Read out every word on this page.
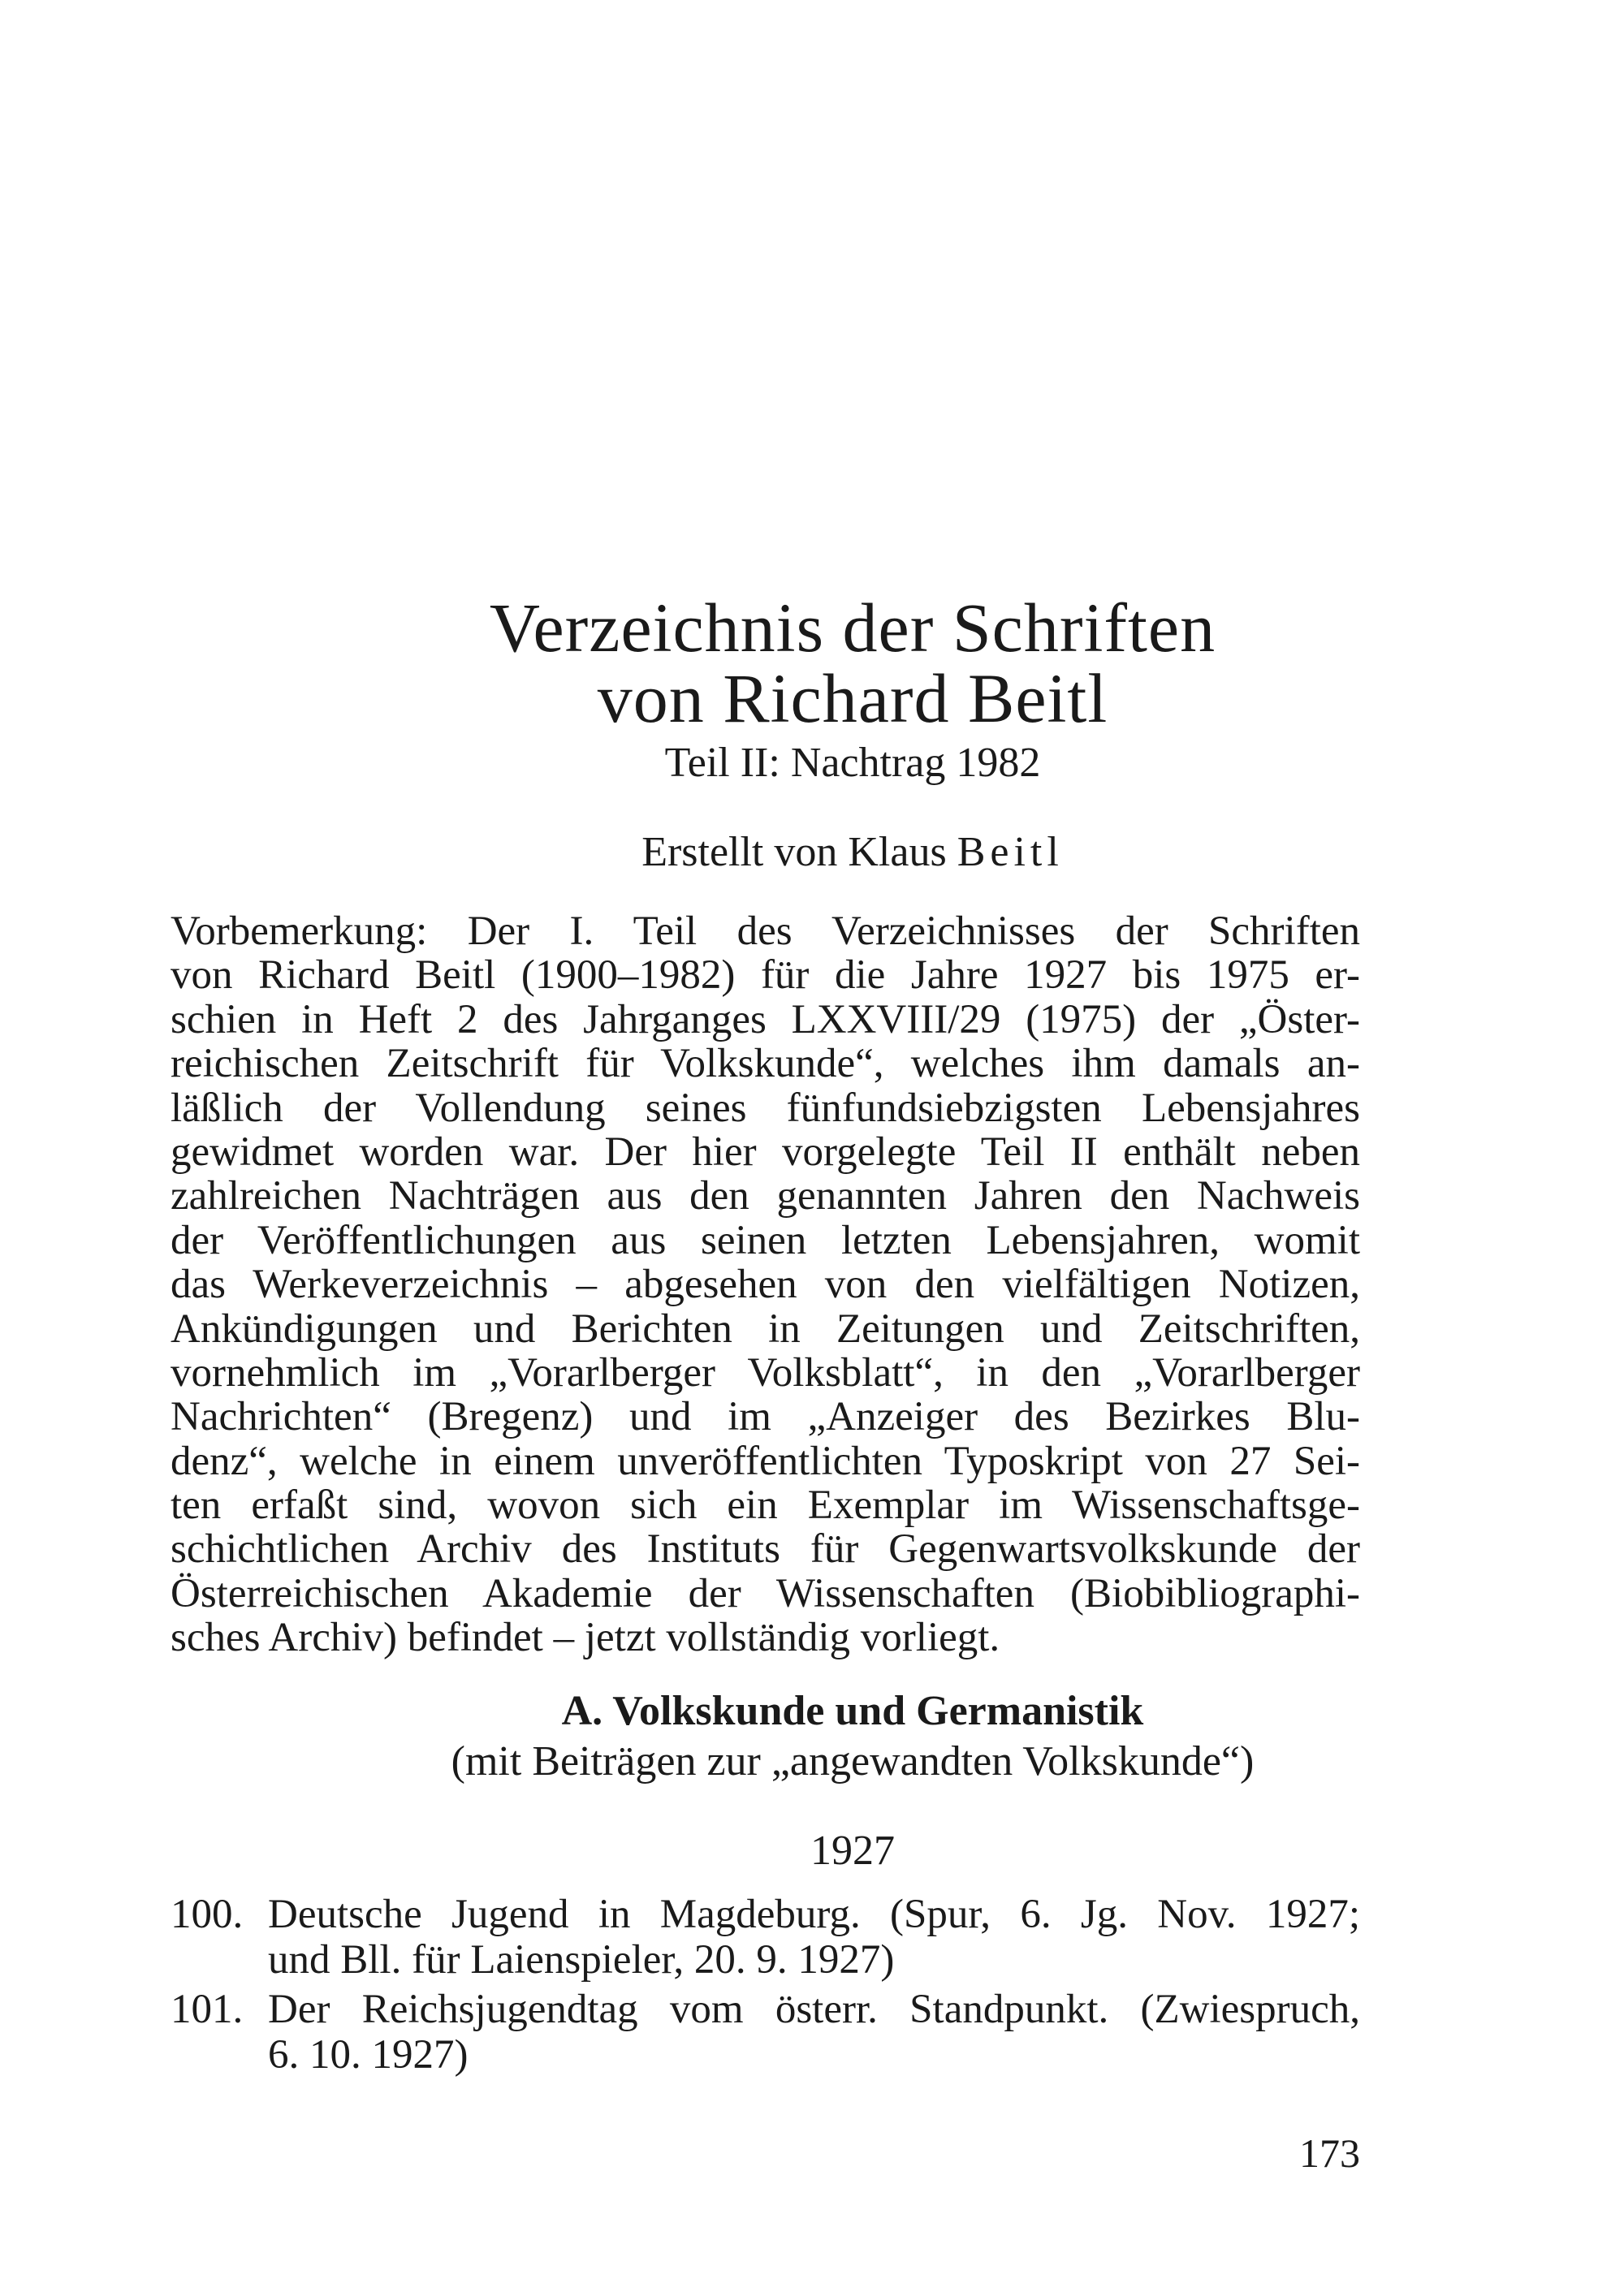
Verzeichnis der Schriften
von Richard Beitl
Teil II: Nachtrag 1982
Erstellt von Klaus Beitl
Vorbemerkung: Der I. Teil des Verzeichnisses der Schriften
von Richard Beitl (1900–1982) für die Jahre 1927 bis 1975 er-
schien in Heft 2 des Jahrganges LXXVIII/29 (1975) der „Öster-
reichischen Zeitschrift für Volkskunde“, welches ihm damals an-
läßlich der Vollendung seines fünfundsiebzigsten Lebensjahres
gewidmet worden war. Der hier vorgelegte Teil II enthält neben
zahlreichen Nachträgen aus den genannten Jahren den Nachweis
der Veröffentlichungen aus seinen letzten Lebensjahren, womit
das Werkeverzeichnis – abgesehen von den vielfältigen Notizen,
Ankündigungen und Berichten in Zeitungen und Zeitschriften,
vornehmlich im „Vorarlberger Volksblatt“, in den „Vorarlberger
Nachrichten“ (Bregenz) und im „Anzeiger des Bezirkes Blu-
denz“, welche in einem unveröffentlichten Typoskript von 27 Sei-
ten erfaßt sind, wovon sich ein Exemplar im Wissenschaftsge-
schichtlichen Archiv des Instituts für Gegenwartsvolkskunde der
Österreichischen Akademie der Wissenschaften (Biobibliographi-
sches Archiv) befindet – jetzt vollständig vorliegt.
A. Volkskunde und Germanistik
(mit Beiträgen zur „angewandten Volkskunde“)
1927
100. Deutsche Jugend in Magdeburg. (Spur, 6. Jg. Nov. 1927;
und Bll. für Laienspieler, 20. 9. 1927)
101. Der Reichsjugendtag vom österr. Standpunkt. (Zwiespruch,
6. 10. 1927)
173
